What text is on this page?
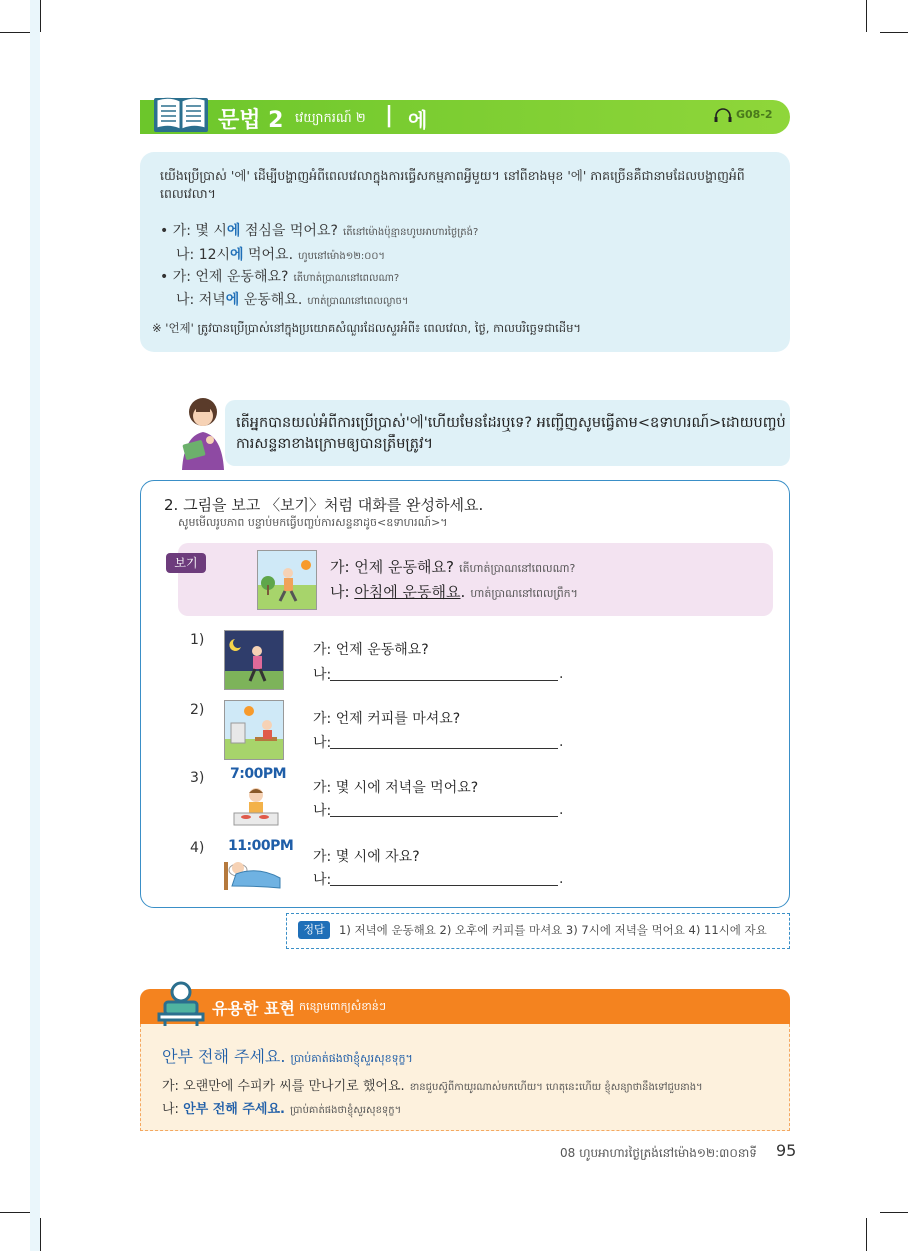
문법 2 វេយ្យាករណ៍ ២ | 에	G08-2
យើងប្រើប្រាស់ '에' ដើម្បីបង្ហាញអំពីពេលវេលាក្នុងការធ្វើសកម្មភាពអ្វីមួយ។ នៅពីខាងមុខ '에' ភាគច្រើនគឺជានាមដែលបង្ហាញអំពី
ពេលវេលា។
• 가: 몇 시에 점심을 먹어요? តើនៅម៉ោងប៉ុន្មានហូបអាហារថ្ងៃត្រង់?
나: 12시에 먹어요. ហូបនៅម៉ោង១២:០០។
• 가: 언제 운동해요? តើហាត់ប្រាណនៅពេលណា?
나: 저녁에 운동해요. ហាត់ប្រាណនៅពេលល្ងាច។
※ '언제' ត្រូវបានប្រើប្រាស់នៅក្នុងប្រយោគសំណួរដែលសួរអំពី៖ ពេលវេលា, ថ្ងៃ, កាលបរិច្ឆេទជាដើម។
តើអ្នកបានយល់អំពីការប្រើប្រាស់'에'ហើយមែនដែរឬទេ? អញ្ជើញសូមធ្វើតាម<ឧទាហរណ៍>ដោយបញ្ចប់
ការសន្ទនាខាងក្រោមឲ្យបានត្រឹមត្រូវ។
2. 그림을 보고 〈보기〉처럼 대화를 완성하세요.
សូមមើលរូបភាព បន្ទាប់មកធ្វើបញ្ចប់ការសន្ទនាដូច<ឧទាហរណ៍>។
보기	가: 언제 운동해요? តើហាត់ប្រាណនៅពេលណា?
나: 아침에 운동해요. ហាត់ប្រាណនៅពេលព្រឹក។
1)
가: 언제 운동해요?
나:	.
2)
가: 언제 커피를 마셔요?
나:	.
3) 7:00PM
가: 몇 시에 저녁을 먹어요?
나:	.
4) 11:00PM
가: 몇 시에 자요?
나:	.
정답	1) 저녁에 운동해요 2) 오후에 커피를 마셔요 3) 7시에 저녁을 먹어요 4) 11시에 자요
유용한 표현 កន្សោមពាក្យសំខាន់ៗ
안부 전해 주세요. ប្រាប់គាត់ផងថាខ្ញុំសួរសុខទុក្ខ។
가: 오랜만에 수피카 씨를 만나기로 했어요. ខានជួបស៊ូពីកាយូរណាស់មកហើយ។ ហេតុនេះហើយ ខ្ញុំសន្យាថានឹងទៅជួបនាង។
나: 안부 전해 주세요. ប្រាប់គាត់ផងថាខ្ញុំសួរសុខទុក្ខ។
08 ហូបអាហារថ្ងៃត្រង់នៅម៉ោង១២:៣០នាទី 95
